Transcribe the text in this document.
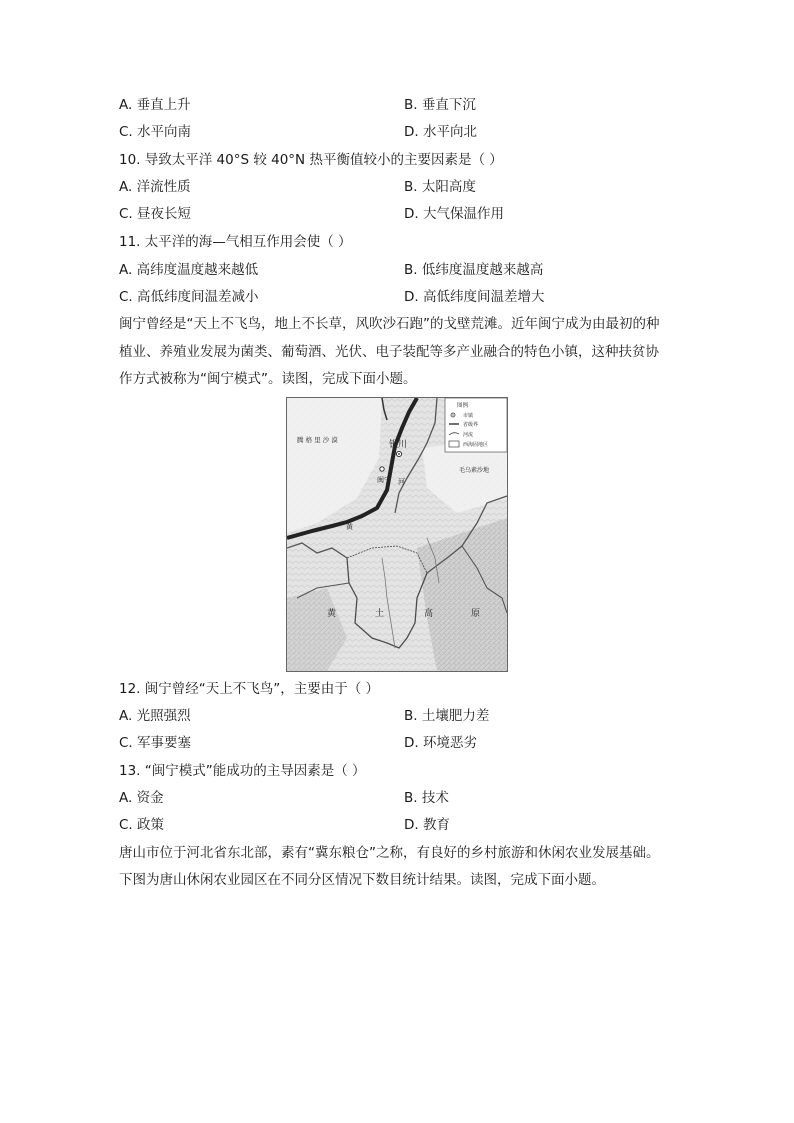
A. 垂直上升	B. 垂直下沉
C. 水平向南	D. 水平向北
10. 导致太平洋 40°S 较 40°N 热平衡值较小的主要因素是（ ）
A. 洋流性质	B. 太阳高度
C. 昼夜长短	D. 大气保温作用
11. 太平洋的海—气相互作用会使（ ）
A. 高纬度温度越来越低	B. 低纬度温度越来越高
C. 高低纬度间温差减小	D. 高低纬度间温差增大
闽宁曾经是“天上不飞鸟，地上不长草，风吹沙石跑”的戈壁荒滩。近年闽宁成为由最初的种
植业、养殖业发展为菌类、葡萄酒、光伏、电子装配等多产业融合的特色小镇，这种扶贫协
作方式被称为“闽宁模式”。读图，完成下面小题。
腾 格 里 沙 漠
毛乌素沙地
银川
闽宁 河
黄
黄	土	高	原
图例
市镇
省级界
河流
西海固地区
12. 闽宁曾经“天上不飞鸟”，主要由于（ ）
A. 光照强烈	B. 土壤肥力差
C. 军事要塞	D. 环境恶劣
13. “闽宁模式”能成功的主导因素是（ ）
A. 资金	B. 技术
C. 政策	D. 教育
唐山市位于河北省东北部，素有“冀东粮仓”之称，有良好的乡村旅游和休闲农业发展基础。
下图为唐山休闲农业园区在不同分区情况下数目统计结果。读图，完成下面小题。
